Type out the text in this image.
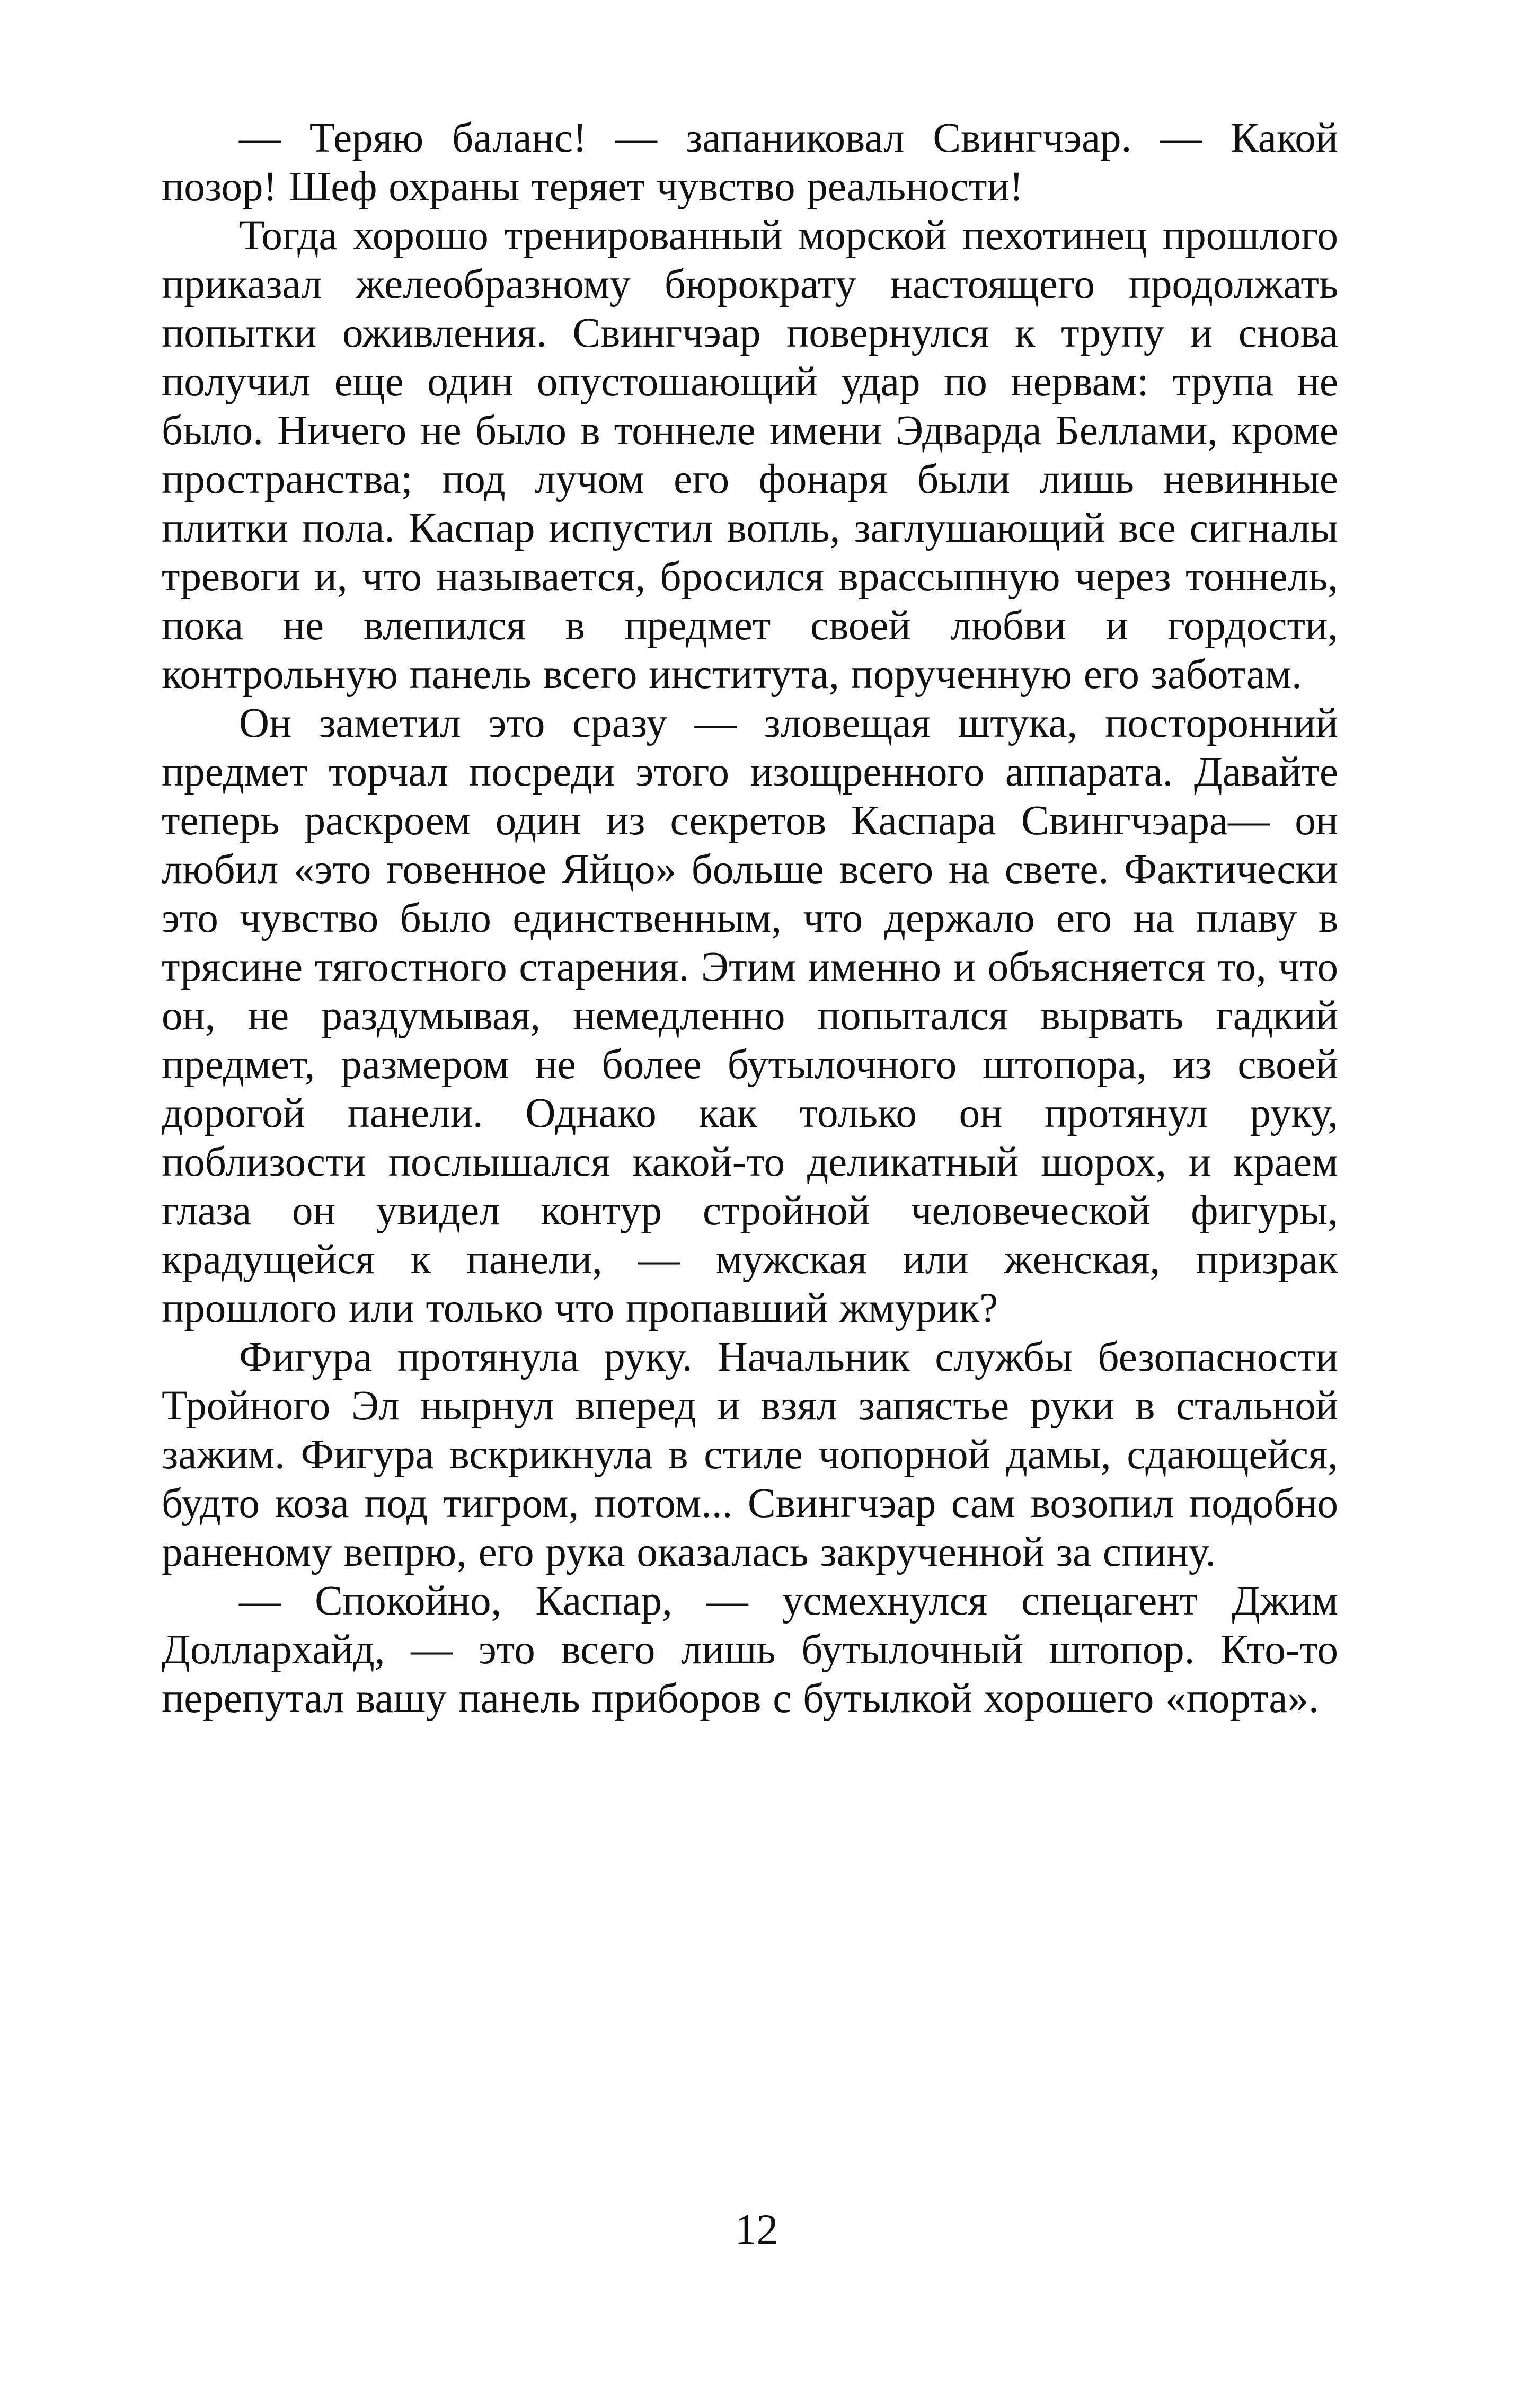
— Теряю баланс! — запаниковал Свингчэар. — Какой позор! Шеф охраны теряет чувство реальности!

Тогда хорошо тренированный морской пехотинец прошлого приказал желеобразному бюрократу настоящего продолжать попытки оживления. Свингчэар повернулся к трупу и снова получил еще один опустошающий удар по нервам: трупа не было. Ничего не было в тоннеле имени Эдварда Беллами, кроме пространства; под лучом его фонаря были лишь невинные плитки пола. Каспар испустил вопль, заглушающий все сигналы тревоги и, что называется, бросился врассыпную через тоннель, пока не влепился в предмет своей любви и гордости, контрольную панель всего института, порученную его заботам.

Он заметил это сразу — зловещая штука, посторонний предмет торчал посреди этого изощренного аппарата. Давайте теперь раскроем один из секретов Каспара Свингчэара— он любил «это говенное Яйцо» больше всего на свете. Фактически это чувство было единственным, что держало его на плаву в трясине тягостного старения. Этим именно и объясняется то, что он, не раздумывая, немедленно попытался вырвать гадкий предмет, размером не более бутылочного штопора, из своей дорогой панели. Однако как только он протянул руку, поблизости послышался какой-то деликатный шорох, и краем глаза он увидел контур стройной человеческой фигуры, крадущейся к панели, — мужская или женская, призрак прошлого или только что пропавший жмурик?

Фигура протянула руку. Начальник службы безопасности Тройного Эл нырнул вперед и взял запястье руки в стальной зажим. Фигура вскрикнула в стиле чопорной дамы, сдающейся, будто коза под тигром, потом... Свингчэар сам возопил подобно раненому вепрю, его рука оказалась закрученной за спину.

— Спокойно, Каспар, — усмехнулся спецагент Джим Доллархайд, — это всего лишь бутылочный штопор. Кто-то перепутал вашу панель приборов с бутылкой хорошего «порта».

12
